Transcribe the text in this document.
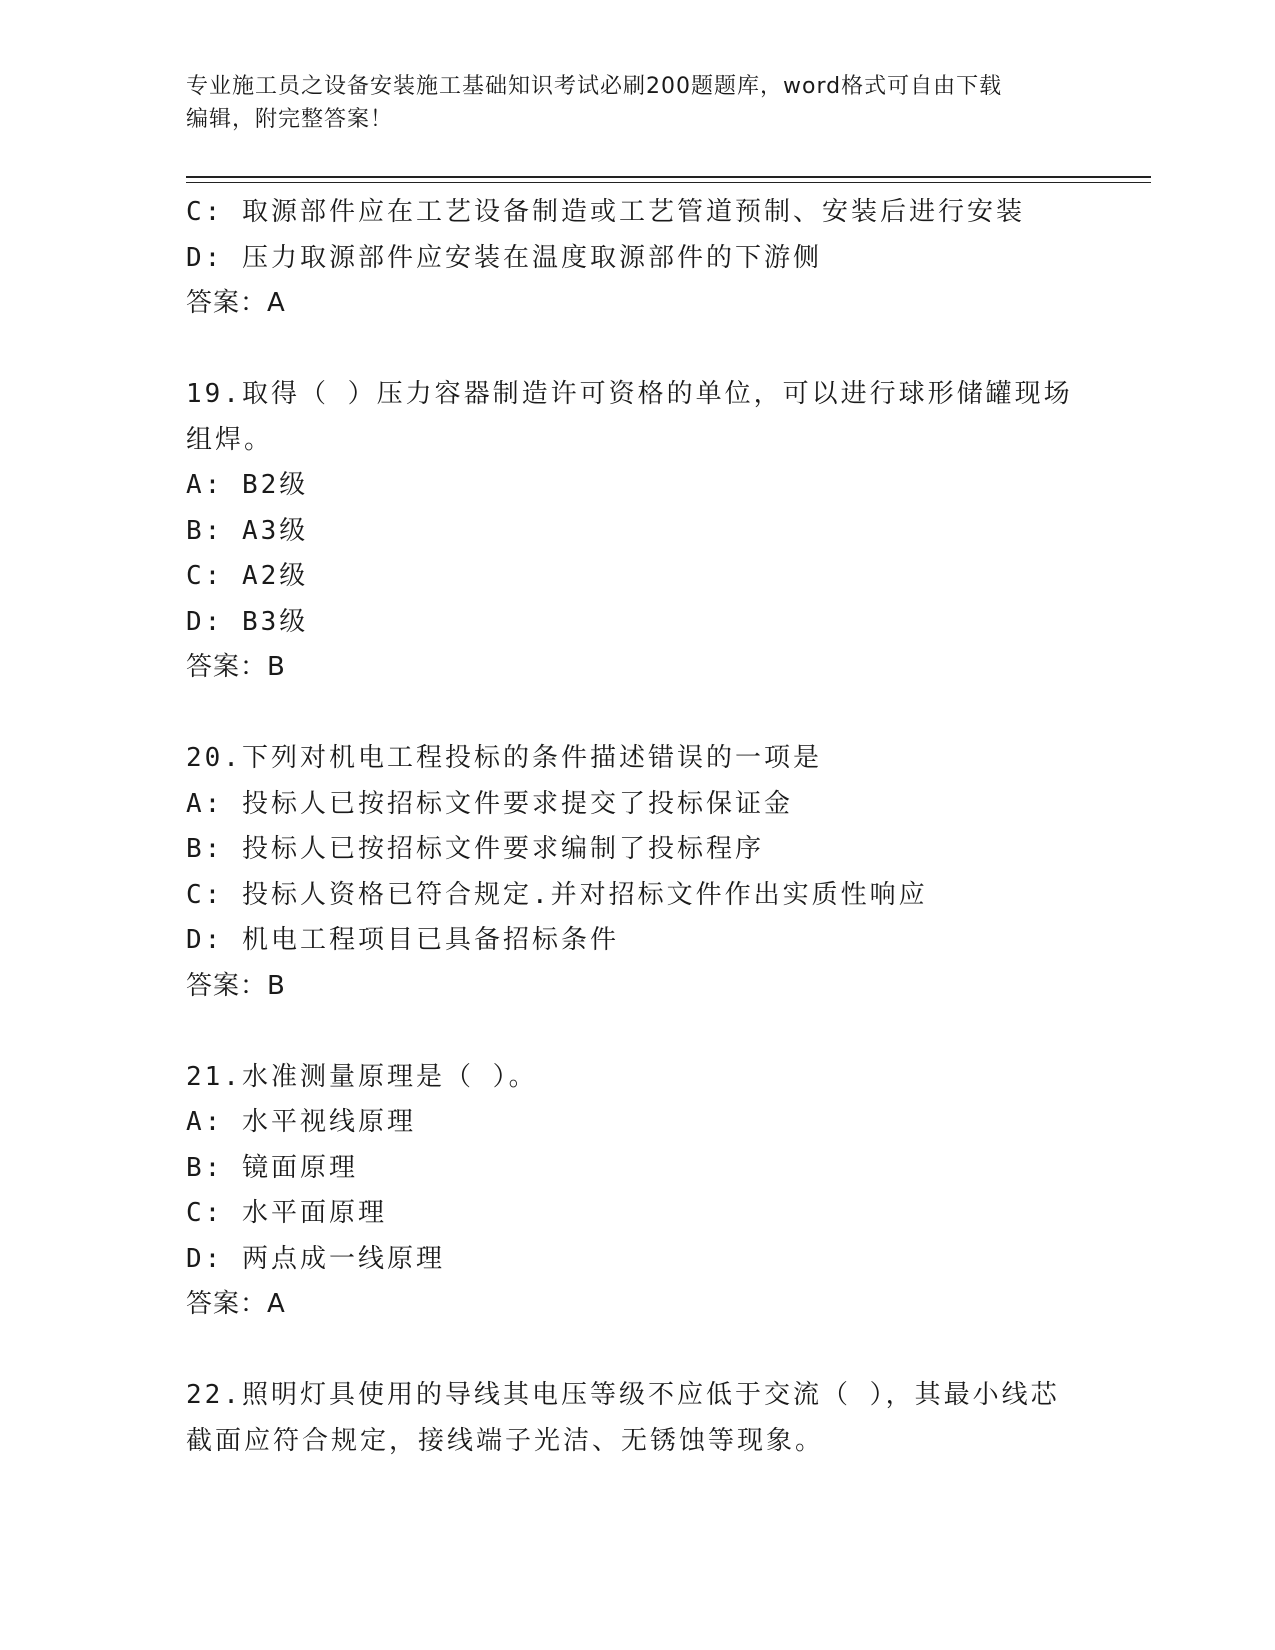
专业施工员之设备安装施工基础知识考试必刷200题题库，word格式可自由下载
编辑，附完整答案！
C: 取源部件应在工艺设备制造或工艺管道预制、安装后进行安装
D: 压力取源部件应安装在温度取源部件的下游侧
答案：A
19.取得（ ）压力容器制造许可资格的单位，可以进行球形储罐现场
组焊。
A: B2级
B: A3级
C: A2级
D: B3级
答案：B
20.下列对机电工程投标的条件描述错误的一项是
A: 投标人已按招标文件要求提交了投标保证金
B: 投标人已按招标文件要求编制了投标程序
C: 投标人资格已符合规定.并对招标文件作出实质性响应
D: 机电工程项目已具备招标条件
答案：B
21.水准测量原理是（ ）。
A: 水平视线原理
B: 镜面原理
C: 水平面原理
D: 两点成一线原理
答案：A
22.照明灯具使用的导线其电压等级不应低于交流（ ），其最小线芯
截面应符合规定，接线端子光洁、无锈蚀等现象。
